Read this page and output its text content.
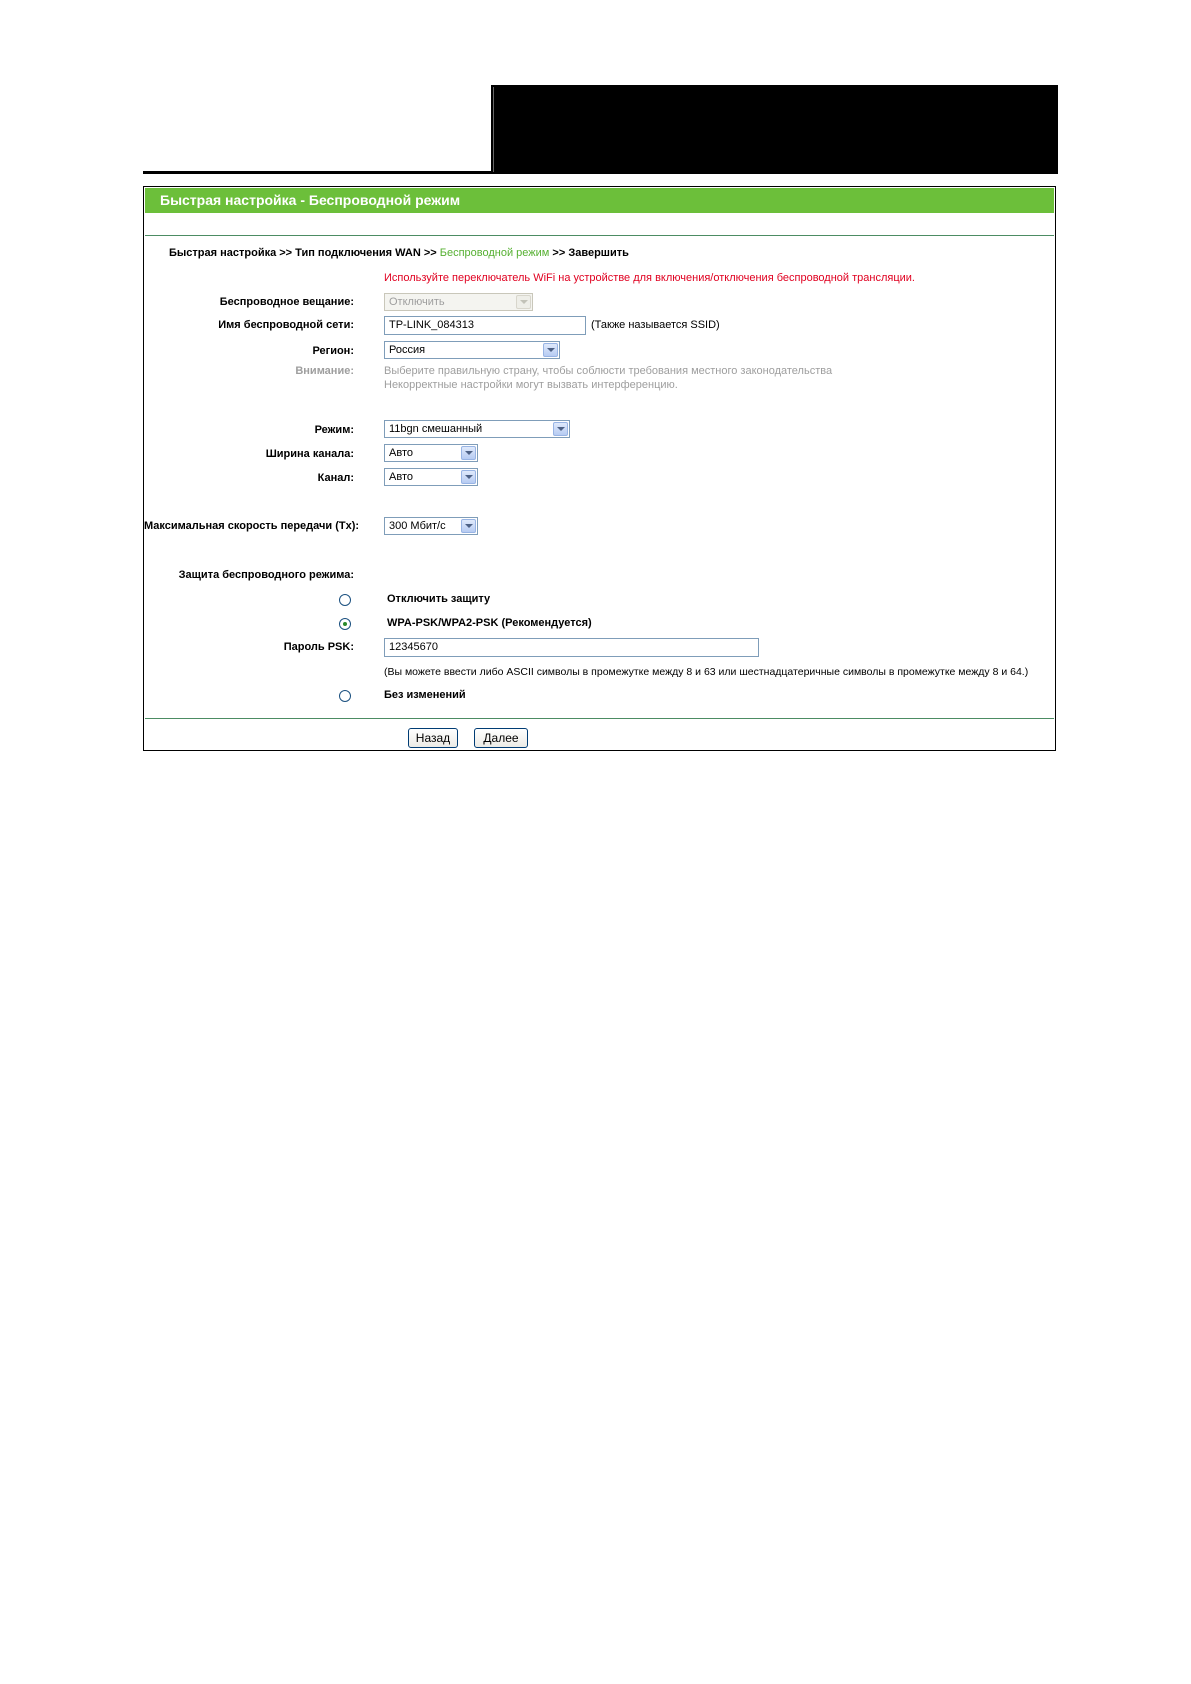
Быстрая настройка - Беспроводной режим
Быстрая настройка >> Тип подключения WAN >> Беспроводной режим >> Завершить
Используйте переключатель WiFi на устройстве для включения/отключения беспроводной трансляции.
Беспроводное вещание:	Отключить
Имя беспроводной сети:	TP-LINK_084313	(Также называется SSID)
Регион:	Россия
Внимание:	Выберите правильную страну, чтобы соблюсти требования местного законодательства
Некорректные настройки могут вызвать интерференцию.
Режим:	11bgn смешанный
Ширина канала:	Авто
Канал:	Авто
Максимальная скорость передачи (Tx):	300 Мбит/с
Защита беспроводного режима:
Отключить защиту
WPA-PSK/WPA2-PSK (Рекомендуется)
Пароль PSK:	12345670
(Вы можете ввести либо ASCII символы в промежутке между 8 и 63 или шестнадцатеричные символы в промежутке между 8 и 64.)
Без изменений
Назад	Далее
